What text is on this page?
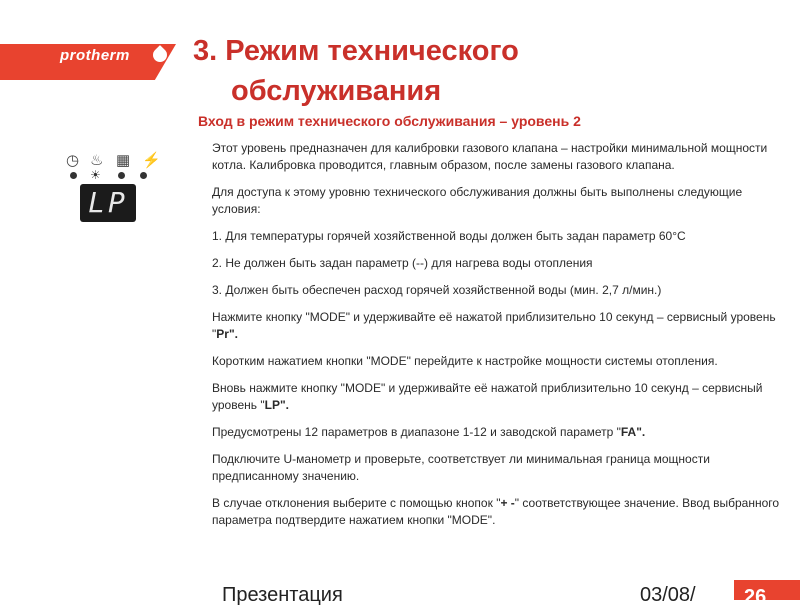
protherm 3. Режим технического
обслуживания
Вход в режим технического обслуживания – уровень 2
◷ ♨ ▦ ⚡
☀
LP

Этот уровень предназначен для калибровки газового клапана – настройки минимальной мощности котла. Калибровка проводится, главным образом, после замены газового клапана.

Для доступа к этому уровню технического обслуживания должны быть выполнены следующие условия:

1. Для температуры горячей хозяйственной воды должен быть задан параметр 60°C

2. Не должен быть задан параметр (--) для нагрева воды отопления

3. Должен быть обеспечен расход горячей хозяйственной воды (мин. 2,7 л/мин.)

Нажмите кнопку "MODE" и удерживайте её нажатой приблизительно 10 секунд – сервисный уровень "Pr".

Коротким нажатием кнопки "MODE" перейдите к настройке мощности системы отопления.

Вновь нажмите кнопку "MODE" и удерживайте её нажатой приблизительно 10 секунд – сервисный уровень "LP".

Предусмотрены 12 параметров в диапазоне 1-12 и заводской параметр "FA".

Подключите U-манометр и проверьте, соответствует ли минимальная граница мощности предписанному значению.

В случае отклонения выберите с помощью кнопок "+ -" соответствующее значение. Ввод выбранного параметра подтвердите нажатием кнопки "MODE".

Презентация	03/08/ 26
